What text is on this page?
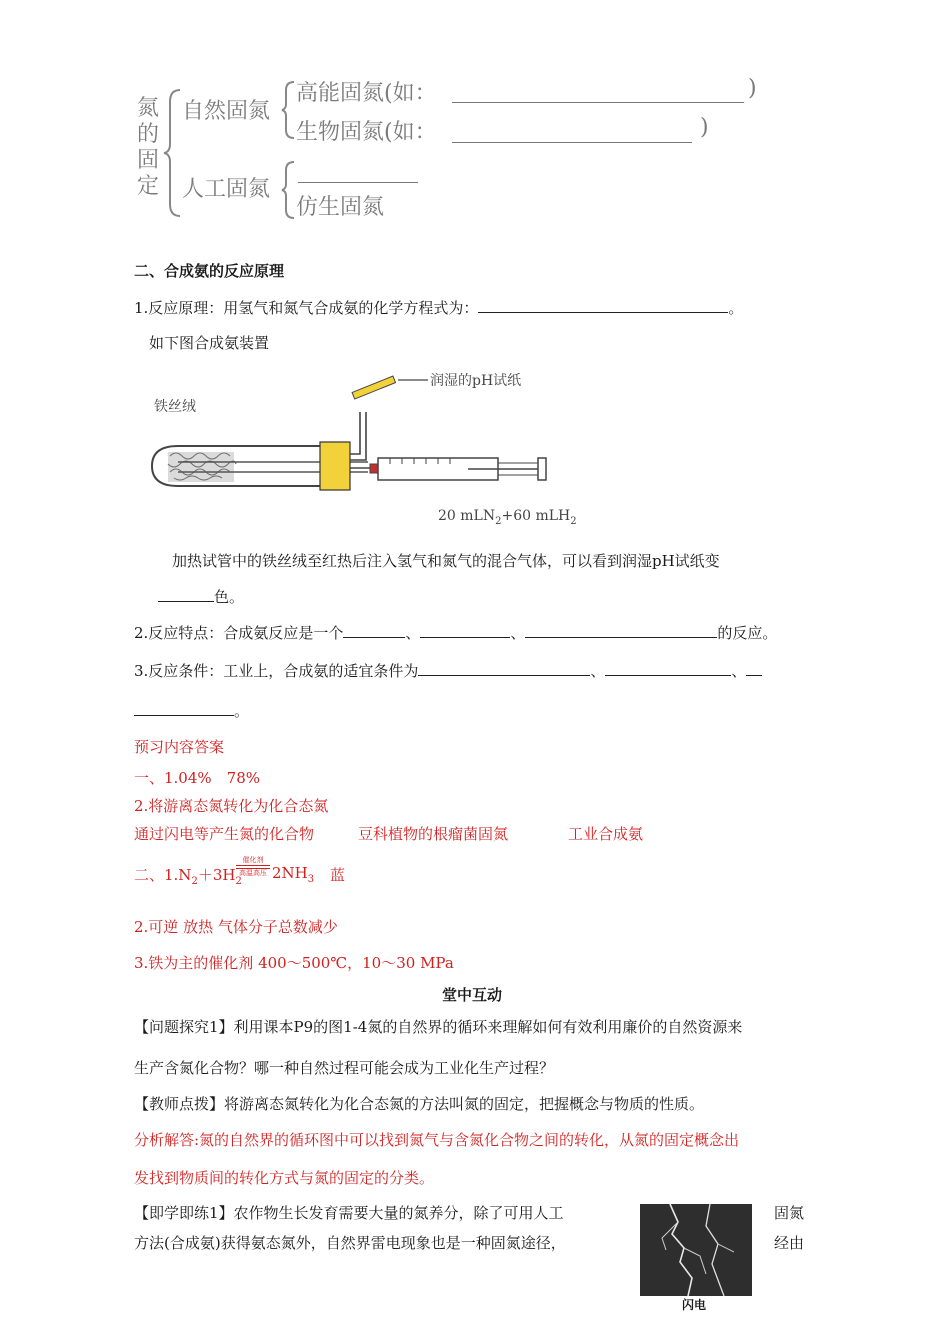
氮的固定
自然固氮
高能固氮(如：	)
生物固氮(如：	)
人工固氮
仿生固氮
二、合成氨的反应原理
1.反应原理：用氢气和氮气合成氨的化学方程式为：	。
如下图合成氨装置
铁丝绒
润湿的pH试纸
20 mLN$_2$+60 mLH$_2$
加热试管中的铁丝绒至红热后注入氢气和氮气的混合气体，可以看到润湿pH试纸变
色。
2.反应特点：合成氨反应是一个	、	、	的反应。
3.反应条件：工业上，合成氨的适宜条件为	、	、
。
预习内容答案
一、1.04%　78%
2.将游离态氮转化为化合态氮
通过闪电等产生氮的化合物	豆科植物的根瘤菌固氮	工业合成氨
二、$1.N_2+3H_2$
催化剂
高温高压 $2NH_3$ 蓝
2.可逆 放热 气体分子总数减少
3.铁为主的催化剂 400～500℃，10～30 MPa
堂中互动
【问题探究1】利用课本P9的图1-4氮的自然界的循环来理解如何有效利用廉价的自然资源来
生产含氮化合物？哪一种自然过程可能会成为工业化生产过程？
【教师点拨】将游离态氮转化为化合态氮的方法叫氮的固定，把握概念与物质的性质。
分析解答:氮的自然界的循环图中可以找到氮气与含氮化合物之间的转化，从氮的固定概念出
发找到物质间的转化方式与氮的固定的分类。
【即学即练1】农作物生长发育需要大量的氮养分，除了可用人工	固氮
方法(合成氨)获得氨态氮外，自然界雷电现象也是一种固氮途径，	经由
闪电
